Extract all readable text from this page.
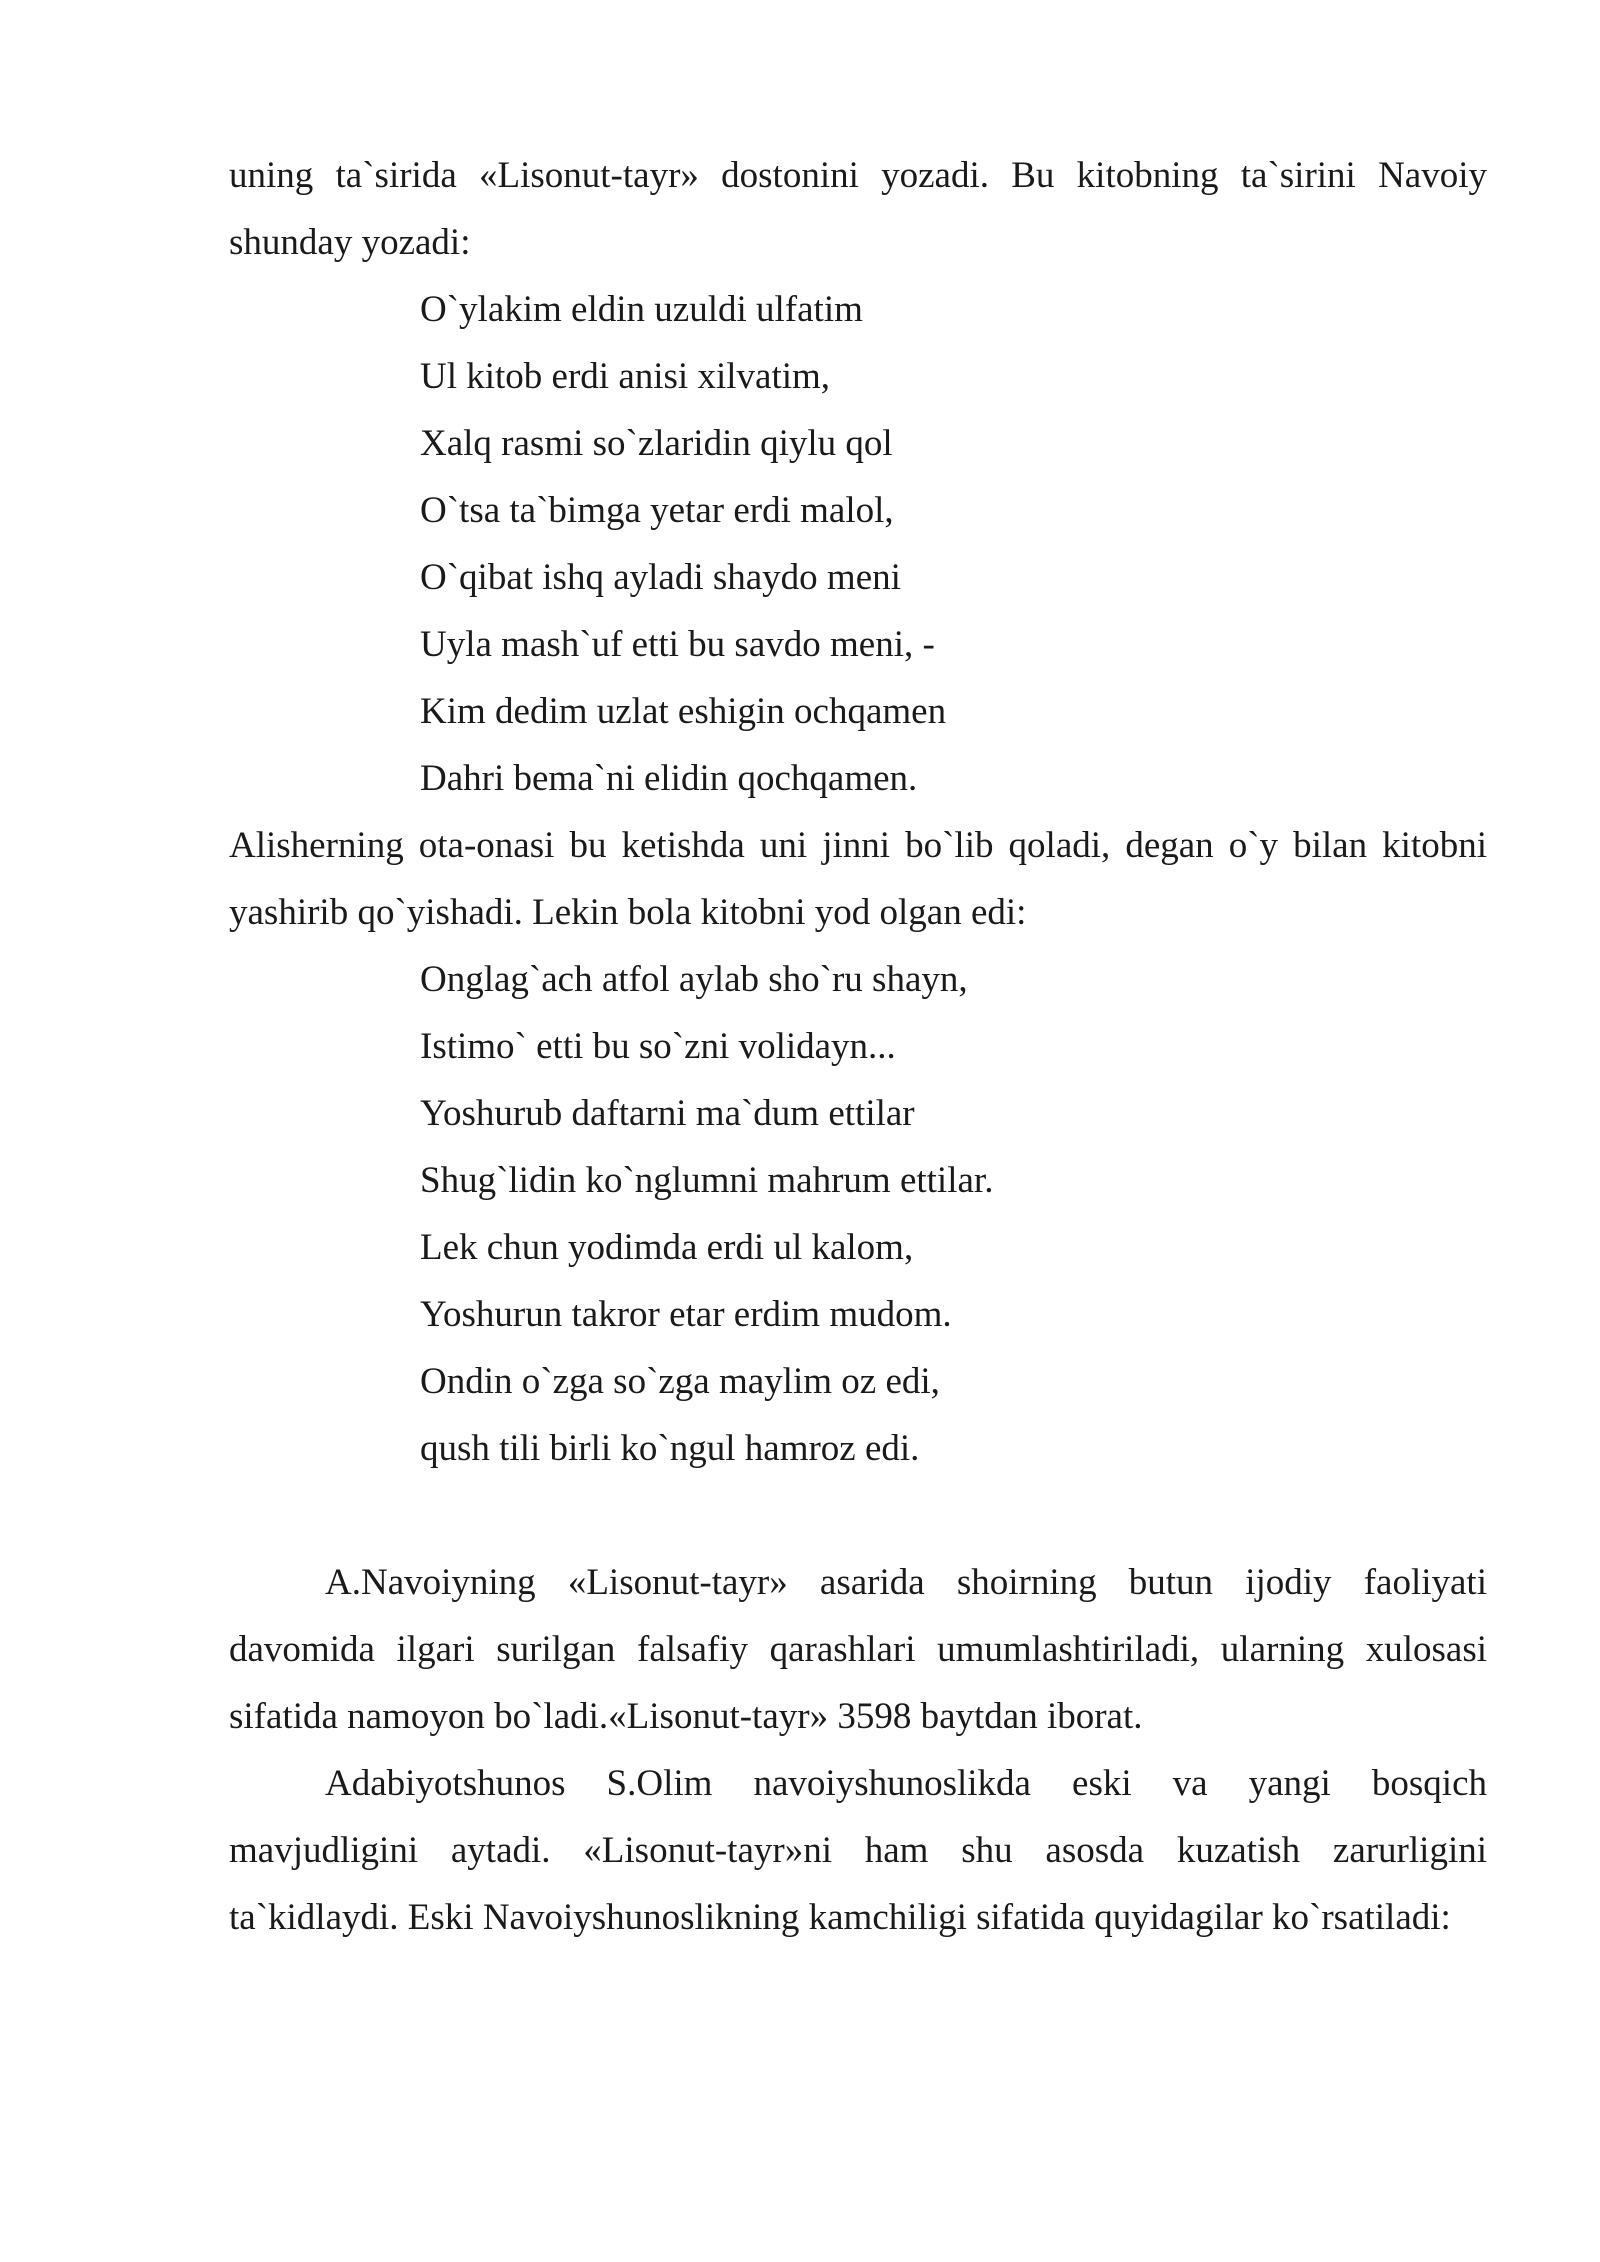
uning ta`sirida «Lisonut-tayr» dostonini yozadi. Bu kitobning ta`sirini Navoiy shunday yozadi:

O`ylakim eldin uzuldi ulfatim
Ul kitob erdi anisi xilvatim,
Xalq rasmi so`zlaridin qiylu qol
O`tsa ta`bimga yetar erdi malol,
O`qibat ishq ayladi shaydo meni
Uyla mash`uf etti bu savdo meni, -
Kim dedim uzlat eshigin ochqamen
Dahri bema`ni elidin qochqamen.

Alisherning ota-onasi bu ketishda uni jinni bo`lib qoladi, degan o`y bilan kitobni yashirib qo`yishadi. Lekin bola kitobni yod olgan edi:

Onglag`ach atfol aylab sho`ru shayn,
Istimo` etti bu so`zni volidayn...
Yoshurub daftarni ma`dum ettilar
Shug`lidin ko`nglumni mahrum ettilar.
Lek chun yodimda erdi ul kalom,
Yoshurun takror etar erdim mudom.
Ondin o`zga so`zga maylim oz edi,
qush tili birli ko`ngul hamroz edi.

A.Navoiyning «Lisonut-tayr» asarida shoirning butun ijodiy faoliyati davomida ilgari surilgan falsafiy qarashlari umumlashtiriladi, ularning xulosasi sifatida namoyon bo`ladi.«Lisonut-tayr» 3598 baytdan iborat.

Adabiyotshunos S.Olim navoiyshunoslikda eski va yangi bosqich mavjudligini aytadi. «Lisonut-tayr»ni ham shu asosda kuzatish zarurligini ta`kidlaydi. Eski Navoiyshunoslikning kamchiligi sifatida quyidagilar ko`rsatiladi:
